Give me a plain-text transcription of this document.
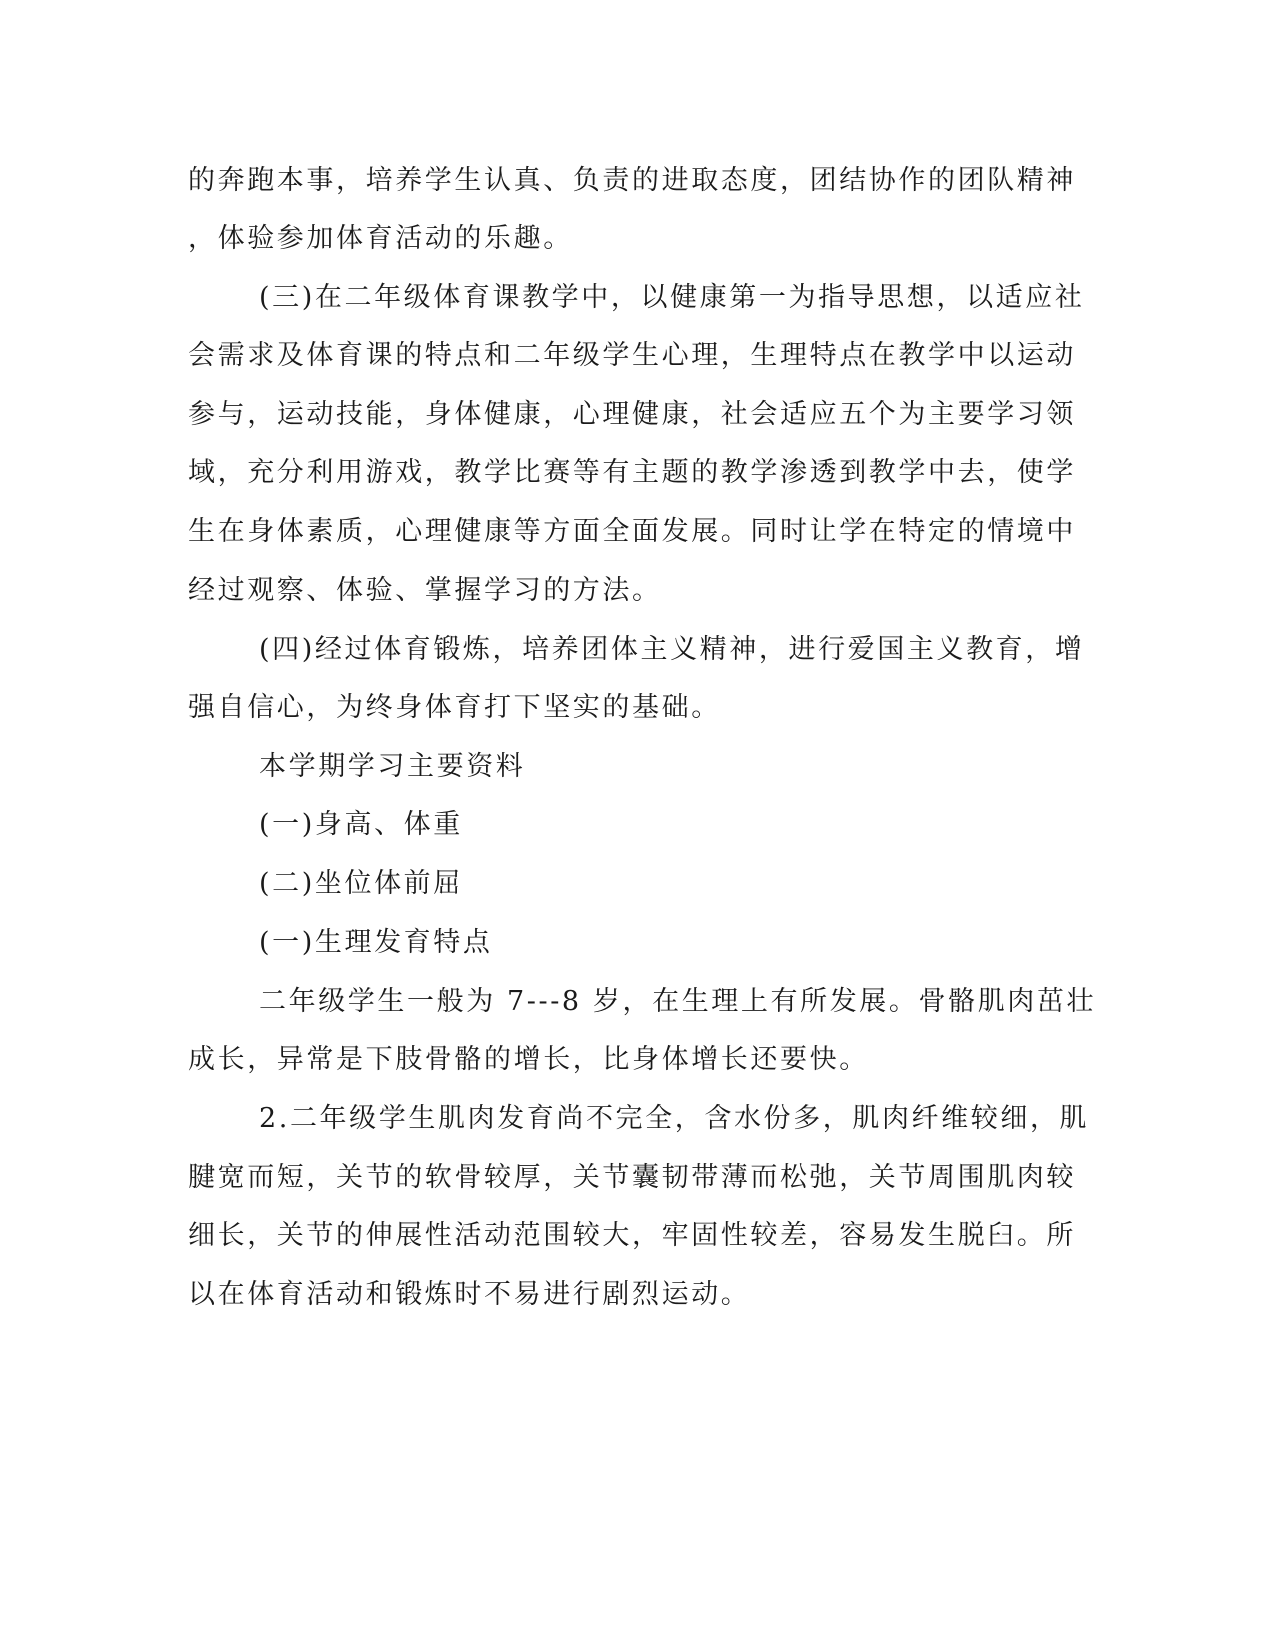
的奔跑本事，培养学生认真、负责的进取态度，团结协作的团队精神
，体验参加体育活动的乐趣。
(三)在二年级体育课教学中，以健康第一为指导思想，以适应社
会需求及体育课的特点和二年级学生心理，生理特点在教学中以运动
参与，运动技能，身体健康，心理健康，社会适应五个为主要学习领
域，充分利用游戏，教学比赛等有主题的教学渗透到教学中去，使学
生在身体素质，心理健康等方面全面发展。同时让学在特定的情境中
经过观察、体验、掌握学习的方法。
(四)经过体育锻炼，培养团体主义精神，进行爱国主义教育，增
强自信心，为终身体育打下坚实的基础。
本学期学习主要资料
(一)身高、体重
(二)坐位体前屈
(一)生理发育特点
二年级学生一般为 7---8 岁，在生理上有所发展。骨骼肌肉茁壮
成长，异常是下肢骨骼的增长，比身体增长还要快。
2.二年级学生肌肉发育尚不完全，含水份多，肌肉纤维较细，肌
腱宽而短，关节的软骨较厚，关节囊韧带薄而松弛，关节周围肌肉较
细长，关节的伸展性活动范围较大，牢固性较差，容易发生脱臼。所
以在体育活动和锻炼时不易进行剧烈运动。
